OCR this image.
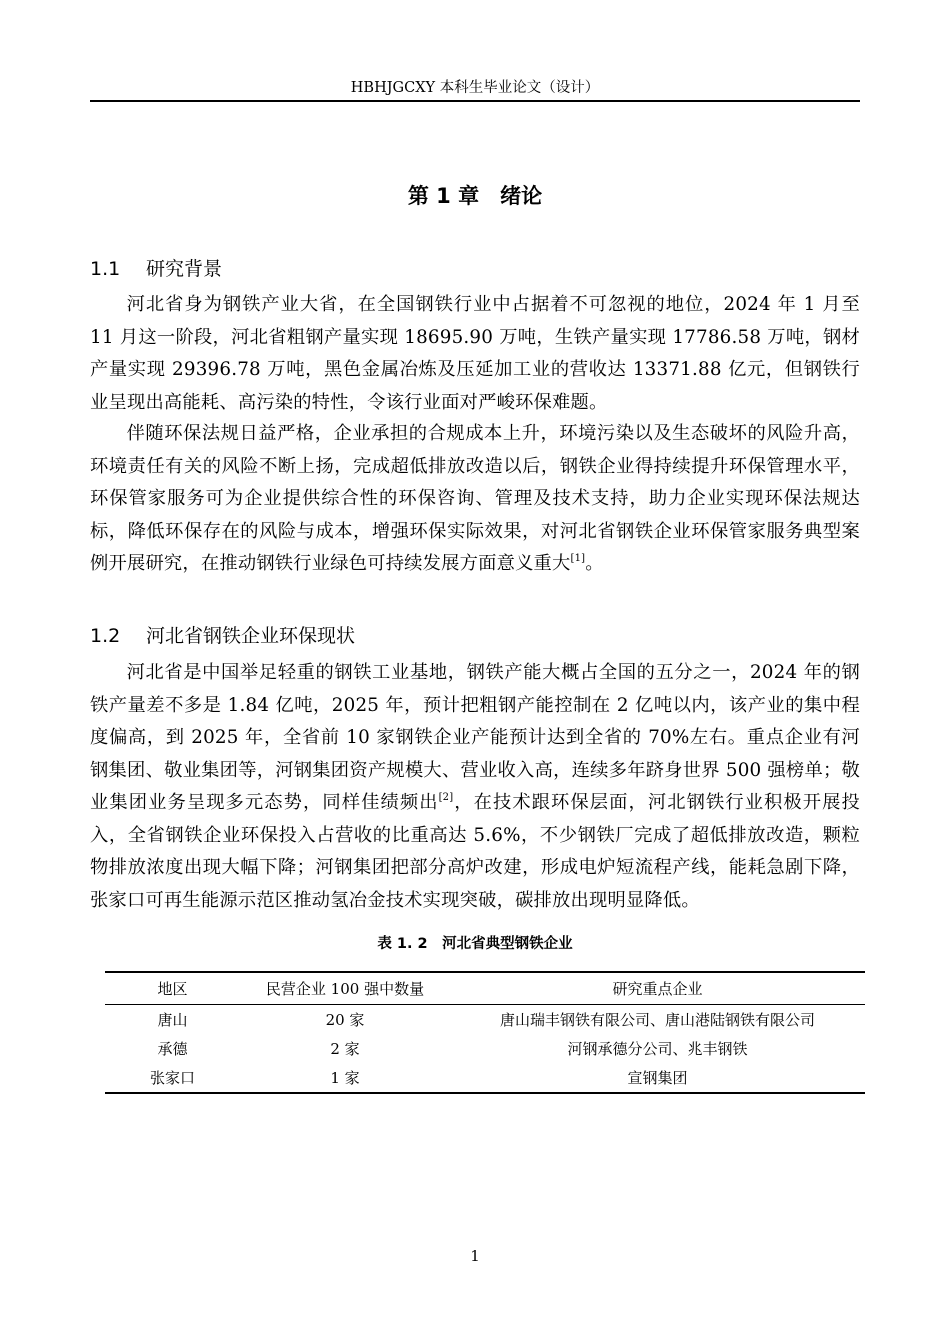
HBHJGCXY 本科生毕业论文（设计）
第 1 章　绪论
1.1 研究背景
河北省身为钢铁产业大省，在全国钢铁行业中占据着不可忽视的地位，2024 年 1 月至 11 月这一阶段，河北省粗钢产量实现 18695.90 万吨，生铁产量实现 17786.58 万吨，钢材产量实现 29396.78 万吨，黑色金属冶炼及压延加工业的营收达 13371.88 亿元，但钢铁行业呈现出高能耗、高污染的特性，令该行业面对严峻环保难题。
伴随环保法规日益严格，企业承担的合规成本上升，环境污染以及生态破坏的风险升高，环境责任有关的风险不断上扬，完成超低排放改造以后，钢铁企业得持续提升环保管理水平，环保管家服务可为企业提供综合性的环保咨询、管理及技术支持，助力企业实现环保法规达标，降低环保存在的风险与成本，增强环保实际效果，对河北省钢铁企业环保管家服务典型案例开展研究，在推动钢铁行业绿色可持续发展方面意义重大[1]。
1.2 河北省钢铁企业环保现状
河北省是中国举足轻重的钢铁工业基地，钢铁产能大概占全国的五分之一，2024 年的钢铁产量差不多是 1.84 亿吨，2025 年，预计把粗钢产能控制在 2 亿吨以内，该产业的集中程度偏高，到 2025 年，全省前 10 家钢铁企业产能预计达到全省的 70%左右。重点企业有河钢集团、敬业集团等，河钢集团资产规模大、营业收入高，连续多年跻身世界 500 强榜单；敬业集团业务呈现多元态势，同样佳绩频出[2]，在技术跟环保层面，河北钢铁行业积极开展投入，全省钢铁企业环保投入占营收的比重高达 5.6%，不少钢铁厂完成了超低排放改造，颗粒物排放浓度出现大幅下降；河钢集团把部分高炉改建，形成电炉短流程产线，能耗急剧下降，张家口可再生能源示范区推动氢冶金技术实现突破，碳排放出现明显降低。
表 1. 2　河北省典型钢铁企业
地区	民营企业 100 强中数量	研究重点企业
唐山	20 家	唐山瑞丰钢铁有限公司、唐山港陆钢铁有限公司
承德	2 家	河钢承德分公司、兆丰钢铁
张家口	1 家	宣钢集团
1
